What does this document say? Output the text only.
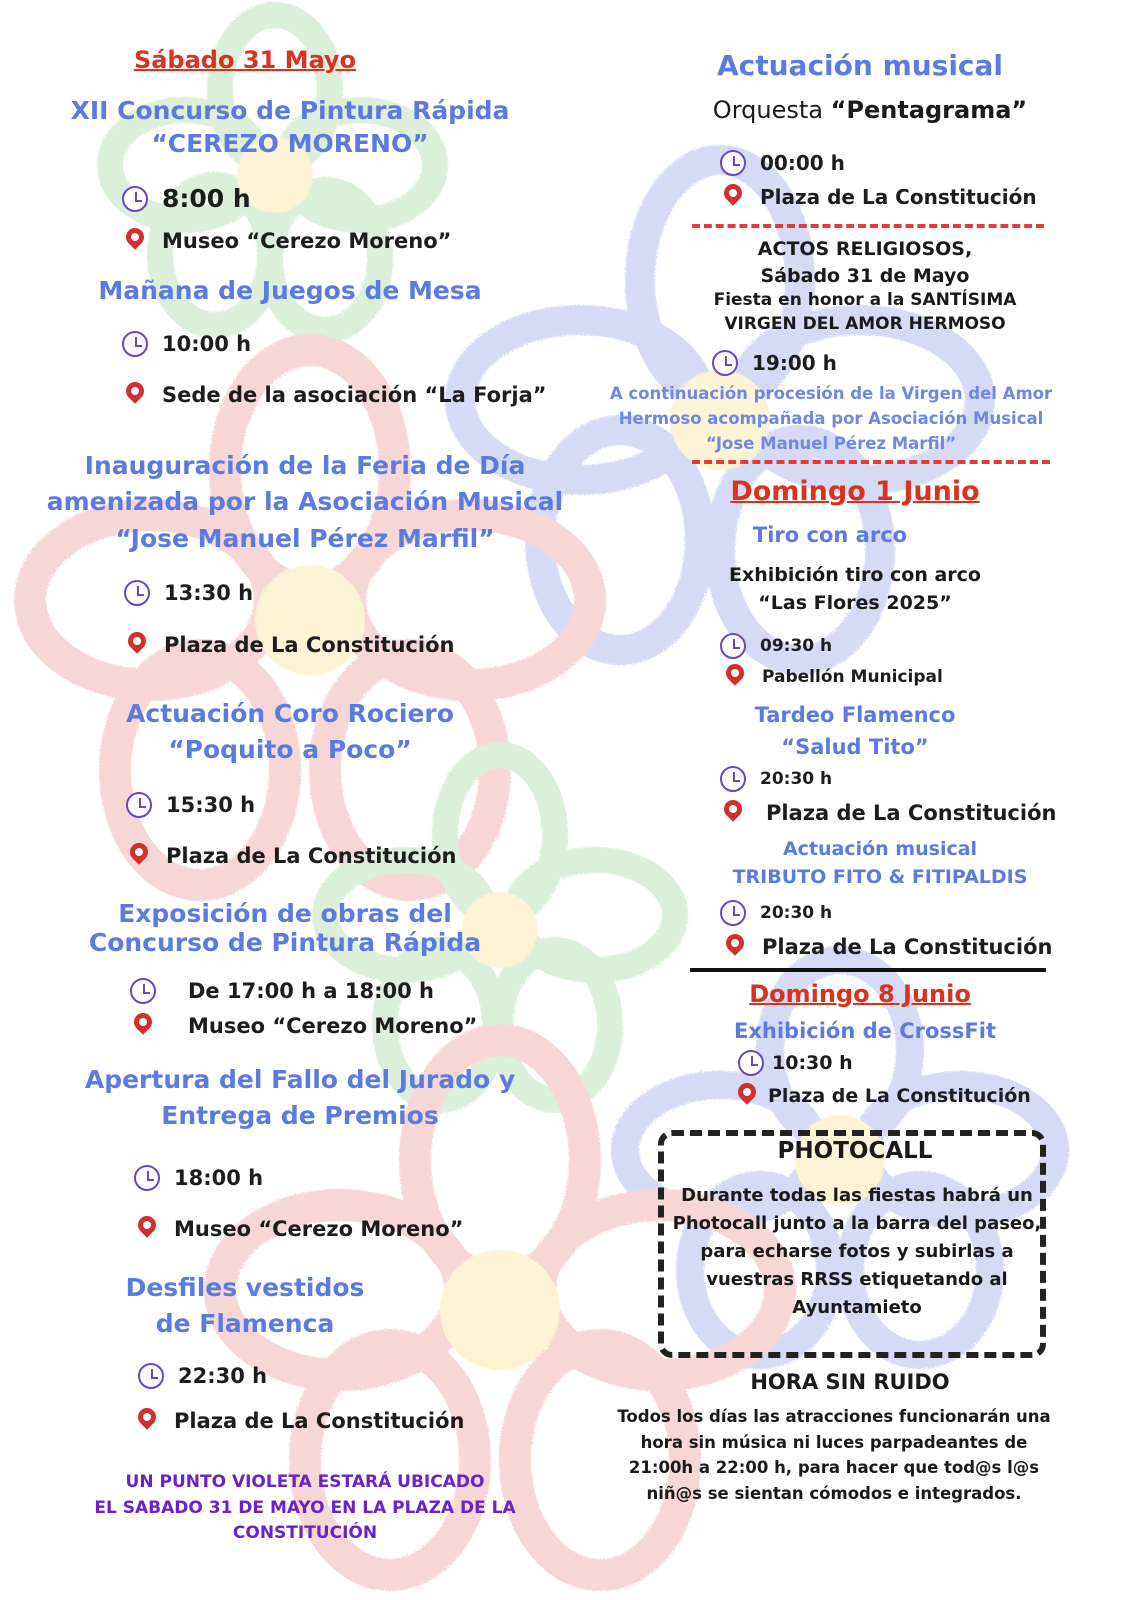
Sábado 31 Mayo
XII Concurso de Pintura Rápida
“CEREZO MORENO”
8:00 h
Museo “Cerezo Moreno”
Mañana de Juegos de Mesa
10:00 h
Sede de la asociación “La Forja”
Inauguración de la Feria de Día
amenizada por la Asociación Musical
“Jose Manuel Pérez Marfil”
13:30 h
Plaza de La Constitución
Actuación Coro Rociero
“Poquito a Poco”
15:30 h
Plaza de La Constitución
Exposición de obras del
Concurso de Pintura Rápida
De 17:00 h a 18:00 h
Museo “Cerezo Moreno”
Apertura del Fallo del Jurado y
Entrega de Premios
18:00 h
Museo “Cerezo Moreno”
Desfiles vestidos
de Flamenca
22:30 h
Plaza de La Constitución
UN PUNTO VIOLETA ESTARÁ UBICADO
EL SABADO 31 DE MAYO EN LA PLAZA DE LA CONSTITUCIÓN
Actuación musical
Orquesta “Pentagrama”
00:00 h
Plaza de La Constitución
ACTOS RELIGIOSOS,
Sábado 31 de Mayo
Fiesta en honor a la SANTÍSIMA
VIRGEN DEL AMOR HERMOSO
19:00 h
A continuación procesión de la Virgen del Amor
Hermoso acompañada por Asociación Musical
“Jose Manuel Pérez Marfil”
Domingo 1 Junio
Tiro con arco
Exhibición tiro con arco
“Las Flores 2025”
09:30 h
Pabellón Municipal
Tardeo Flamenco
“Salud Tito”
20:30 h
Plaza de La Constitución
Actuación musical
TRIBUTO FITO & FITIPALDIS
20:30 h
Plaza de La Constitución
Domingo 8 Junio
Exhibición de CrossFit
10:30 h
Plaza de La Constitución
PHOTOCALL
Durante todas las fiestas habrá un
Photocall junto a la barra del paseo,
para echarse fotos y subirlas a
vuestras RRSS etiquetando al
Ayuntamieto
HORA SIN RUIDO
Todos los días las atracciones funcionarán una
hora sin música ni luces parpadeantes de
21:00h a 22:00 h, para hacer que tod@s l@s
niñ@s se sientan cómodos e integrados.
